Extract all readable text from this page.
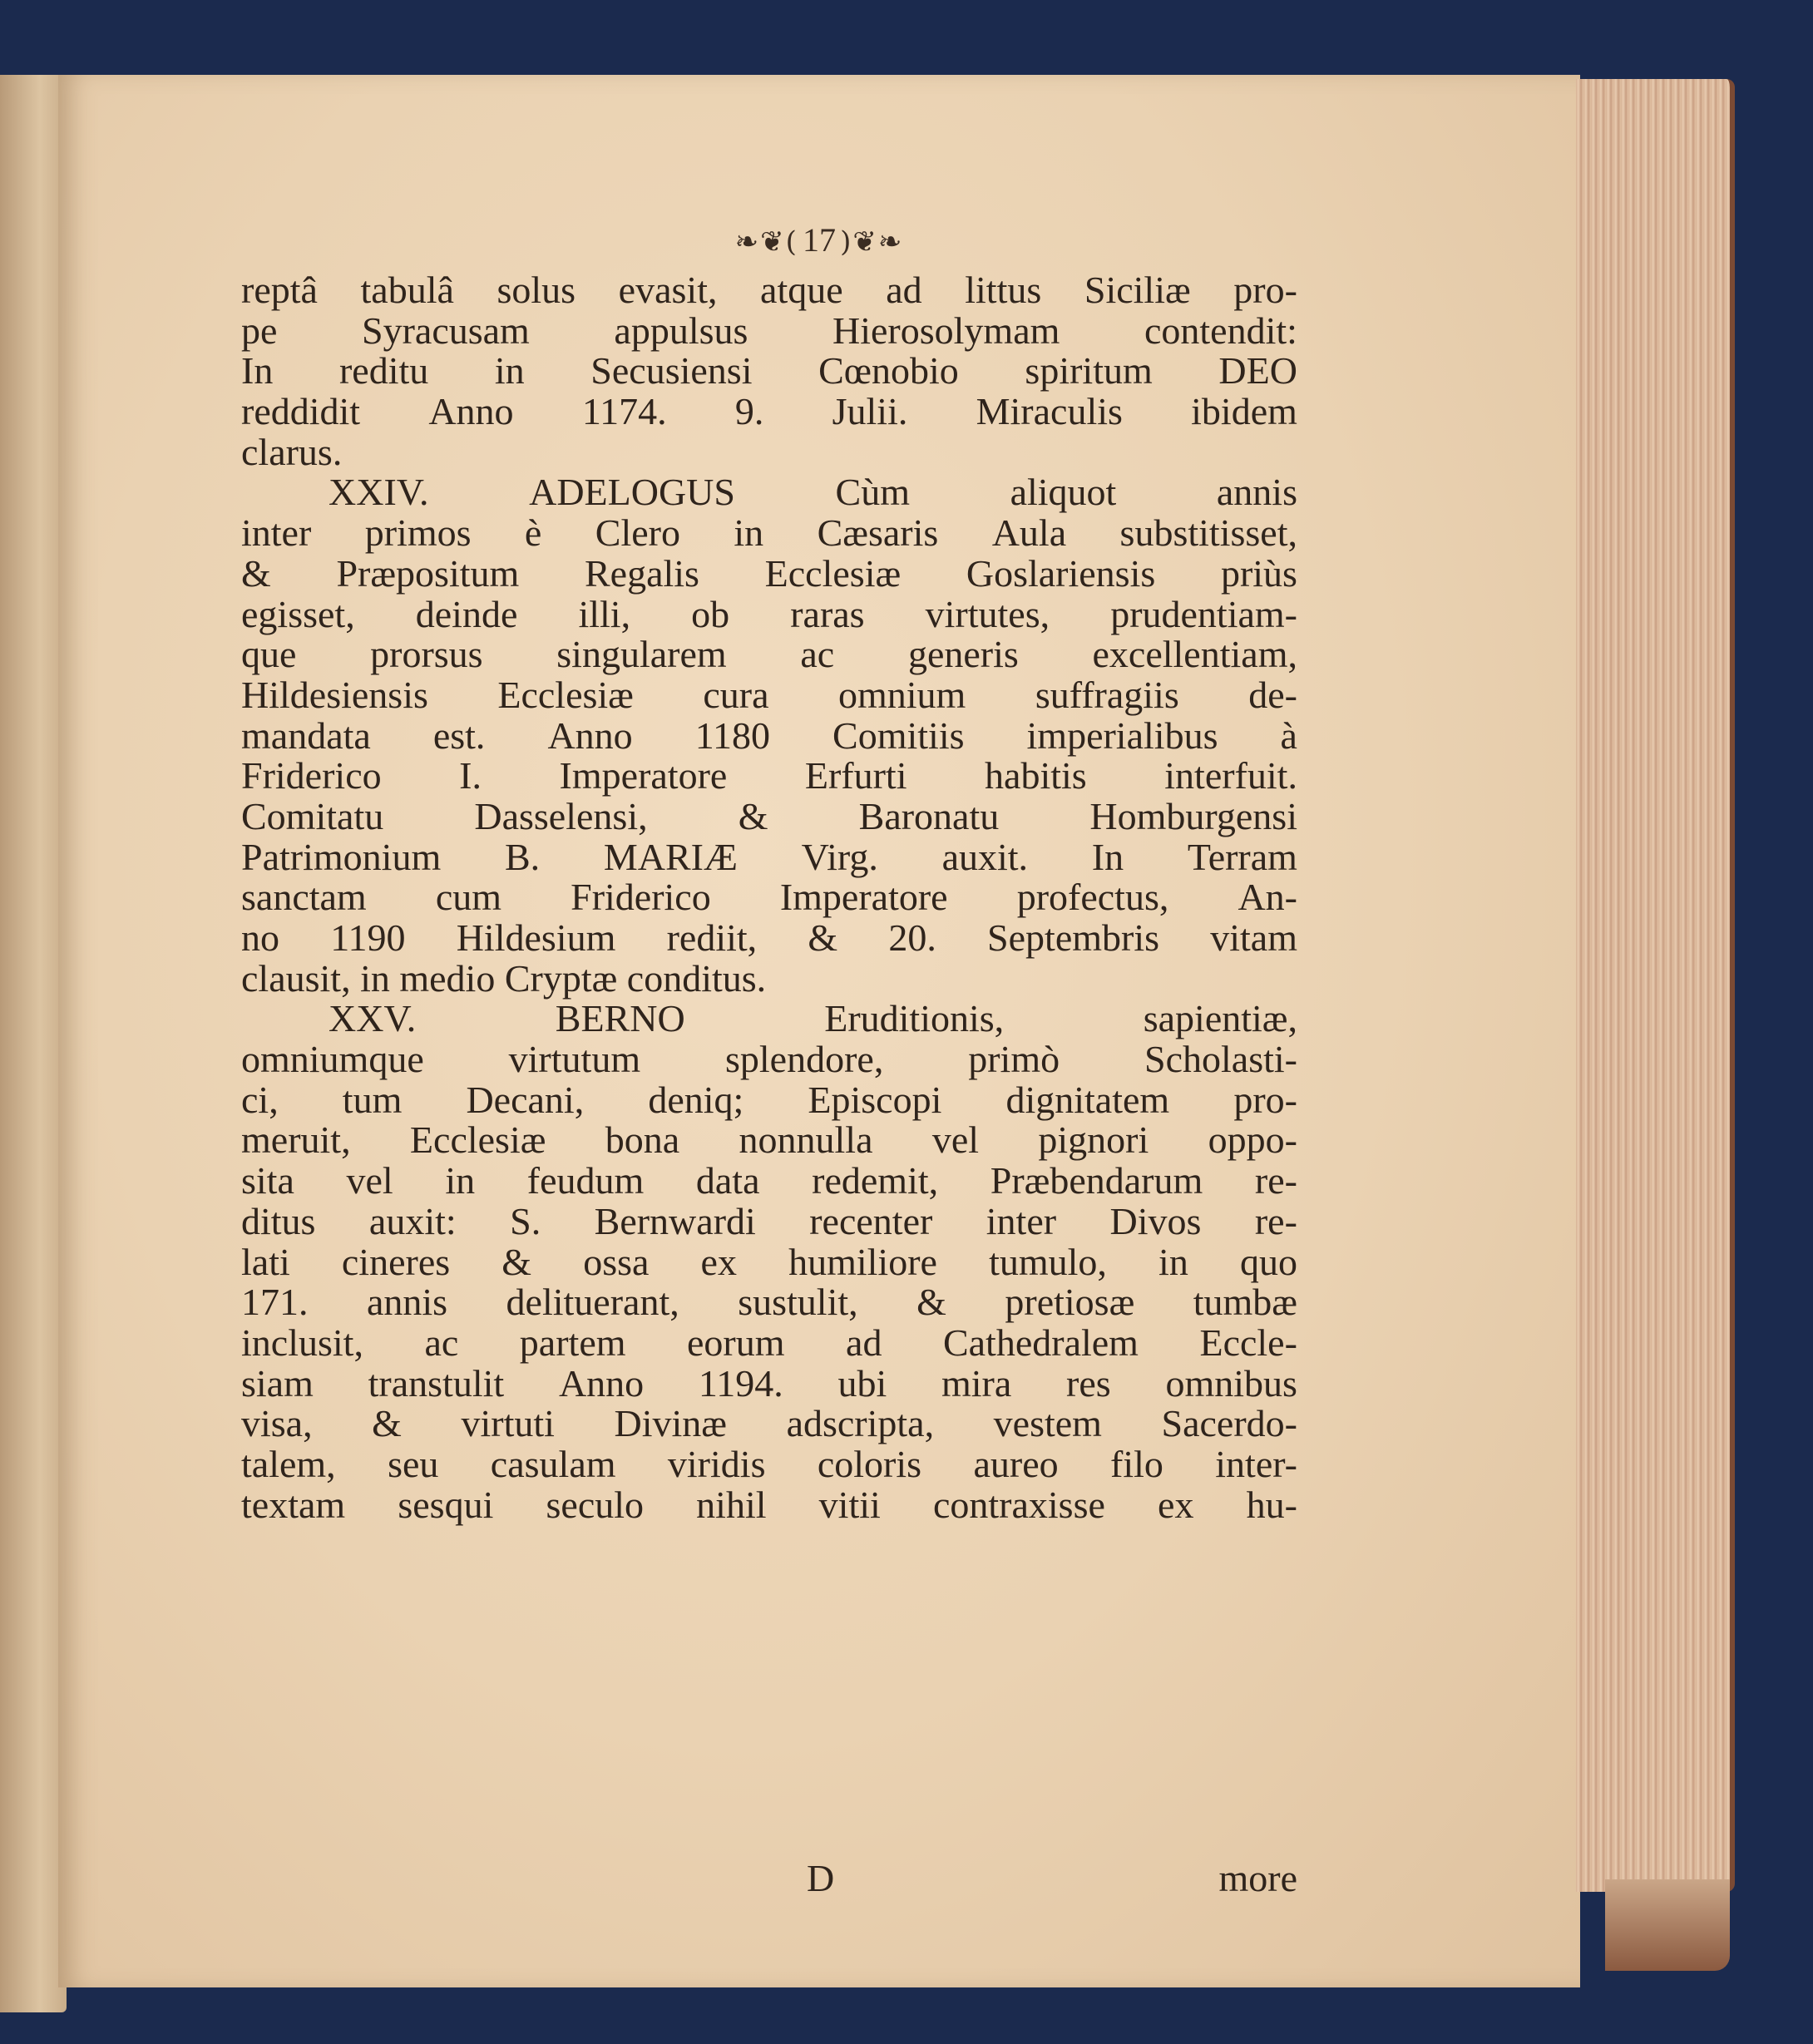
❧❦( 17 )❦❧
reptâ tabulâ solus evasit, atque ad littus Siciliæ pro-
pe Syracusam appulsus Hierosolymam contendit:
In reditu in Secusiensi Cœnobio spiritum DEO
reddidit Anno 1174. 9. Julii. Miraculis ibidem
clarus.
XXIV.	ADELOGUS	Cùm	aliquot	annis
inter primos è Clero in Cæsaris Aula substitisset,
& Præpositum Regalis Ecclesiæ Goslariensis priùs
egisset, deinde illi, ob raras virtutes, prudentiam-
que prorsus singularem ac generis excellentiam,
Hildesiensis Ecclesiæ cura omnium suffragiis de-
mandata est. Anno 1180 Comitiis imperialibus à
Friderico I. Imperatore Erfurti habitis interfuit.
Comitatu Dasselensi, & Baronatu Homburgensi
Patrimonium B. MARIÆ Virg. auxit. In Terram
sanctam cum Friderico Imperatore profectus, An-
no 1190 Hildesium rediit, & 20. Septembris vitam
clausit, in medio Cryptæ conditus.
XXV.	BERNO	Eruditionis,	sapientiæ,
omniumque virtutum splendore, primò Scholasti-
ci, tum Decani, deniq; Episcopi dignitatem pro-
meruit, Ecclesiæ bona nonnulla vel pignori oppo-
sita vel in feudum data redemit, Præbendarum re-
ditus auxit: S. Bernwardi recenter inter Divos re-
lati cineres & ossa ex humiliore tumulo, in quo
171. annis delituerant, sustulit, & pretiosæ tumbæ
inclusit, ac partem eorum ad Cathedralem Eccle-
siam transtulit Anno 1194. ubi mira res omnibus
visa, & virtuti Divinæ adscripta, vestem Sacerdo-
talem, seu casulam viridis coloris aureo filo inter-
textam sesqui seculo nihil vitii contraxisse ex hu-
D	more
